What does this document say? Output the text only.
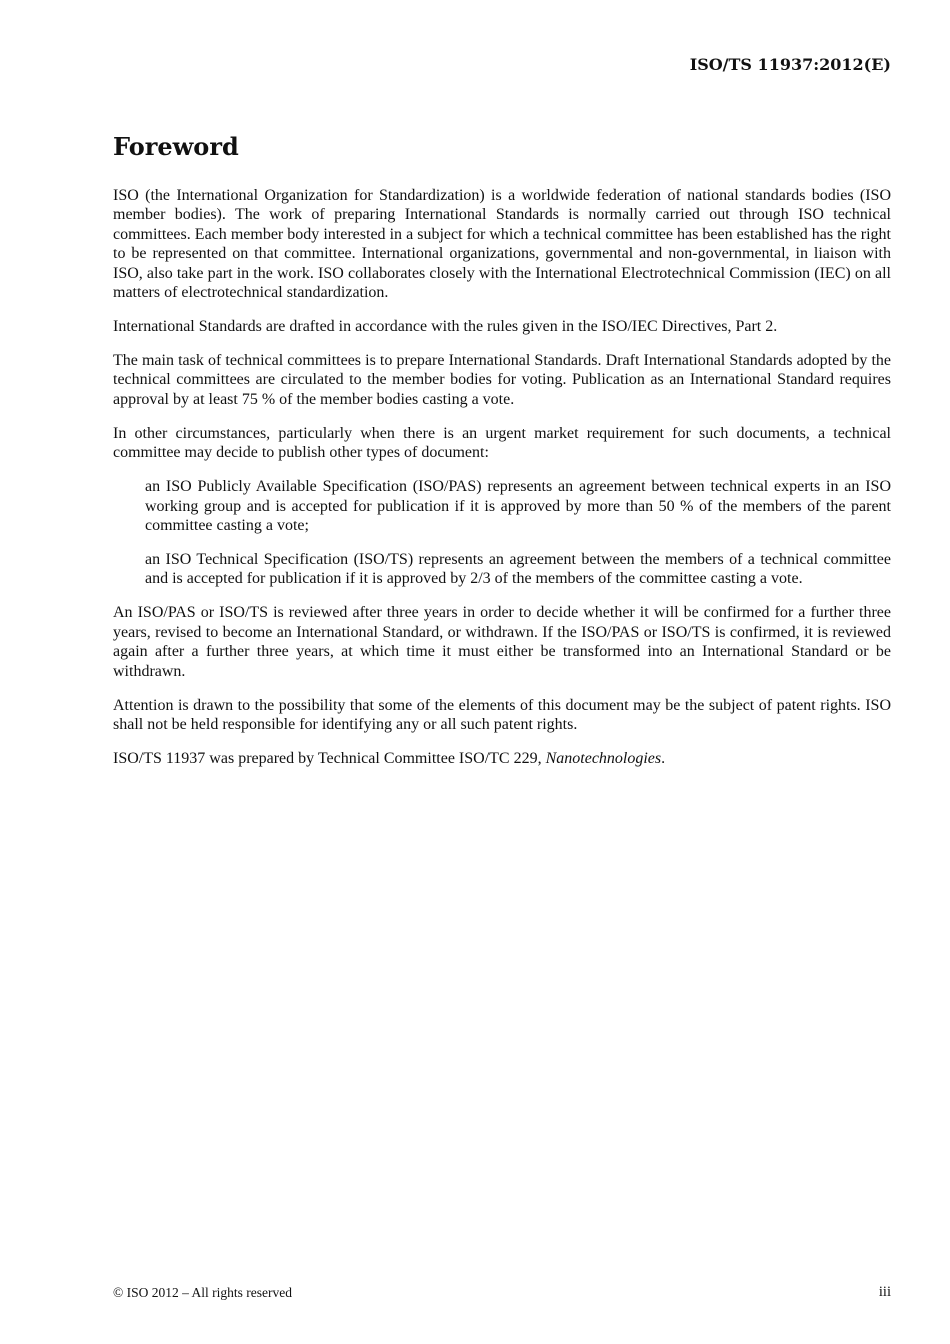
ISO/TS 11937:2012(E)
Foreword

ISO (the International Organization for Standardization) is a worldwide federation of national standards bodies (ISO member bodies). The work of preparing International Standards is normally carried out through ISO technical committees. Each member body interested in a subject for which a technical committee has been established has the right to be represented on that committee. International organizations, governmental and non-governmental, in liaison with ISO, also take part in the work. ISO collaborates closely with the International Electrotechnical Commission (IEC) on all matters of electrotechnical standardization.

International Standards are drafted in accordance with the rules given in the ISO/IEC Directives, Part 2.

The main task of technical committees is to prepare International Standards. Draft International Standards adopted by the technical committees are circulated to the member bodies for voting. Publication as an International Standard requires approval by at least 75 % of the member bodies casting a vote.

In other circumstances, particularly when there is an urgent market requirement for such documents, a technical committee may decide to publish other types of document:

an ISO Publicly Available Specification (ISO/PAS) represents an agreement between technical experts in an ISO working group and is accepted for publication if it is approved by more than 50 % of the members of the parent committee casting a vote;

an ISO Technical Specification (ISO/TS) represents an agreement between the members of a technical committee and is accepted for publication if it is approved by 2/3 of the members of the committee casting a vote.

An ISO/PAS or ISO/TS is reviewed after three years in order to decide whether it will be confirmed for a further three years, revised to become an International Standard, or withdrawn. If the ISO/PAS or ISO/TS is confirmed, it is reviewed again after a further three years, at which time it must either be transformed into an International Standard or be withdrawn.

Attention is drawn to the possibility that some of the elements of this document may be the subject of patent rights. ISO shall not be held responsible for identifying any or all such patent rights.

ISO/TS 11937 was prepared by Technical Committee ISO/TC 229, Nanotechnologies.

© ISO 2012 – All rights reserved	iii
